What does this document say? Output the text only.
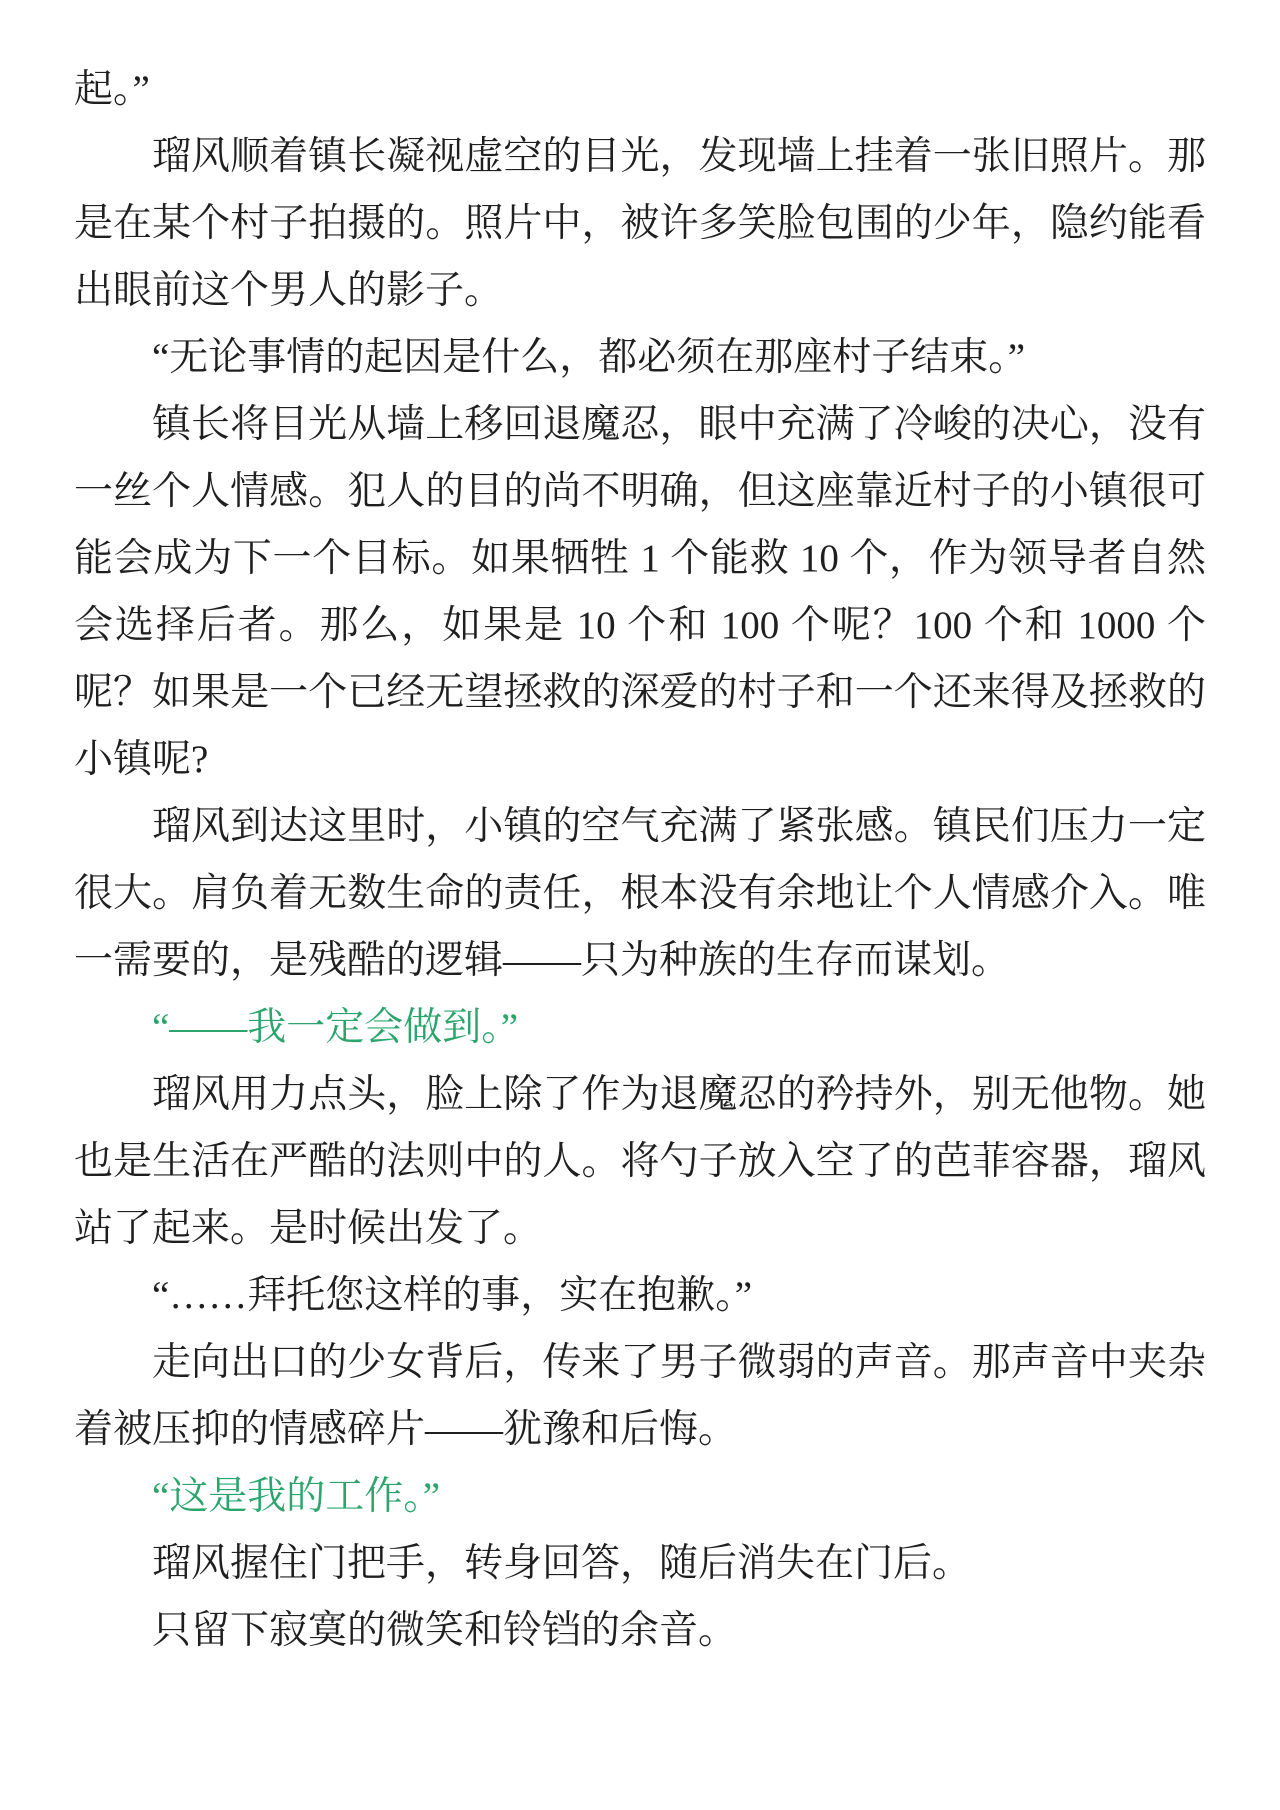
起。”

瑠风顺着镇长凝视虚空的目光，发现墙上挂着一张旧照片。那是在某个村子拍摄的。照片中，被许多笑脸包围的少年，隐约能看出眼前这个男人的影子。

“无论事情的起因是什么，都必须在那座村子结束。”

镇长将目光从墙上移回退魔忍，眼中充满了冷峻的决心，没有一丝个人情感。犯人的目的尚不明确，但这座靠近村子的小镇很可能会成为下一个目标。如果牺牲 1 个能救 10 个，作为领导者自然会选择后者。那么，如果是 10 个和 100 个呢？100 个和 1000 个呢？如果是一个已经无望拯救的深爱的村子和一个还来得及拯救的小镇呢?

瑠风到达这里时，小镇的空气充满了紧张感。镇民们压力一定很大。肩负着无数生命的责任，根本没有余地让个人情感介入。唯一需要的，是残酷的逻辑——只为种族的生存而谋划。

“——我一定会做到。”

瑠风用力点头，脸上除了作为退魔忍的矜持外，别无他物。她也是生活在严酷的法则中的人。将勺子放入空了的芭菲容器，瑠风站了起来。是时候出发了。

“……拜托您这样的事，实在抱歉。”

走向出口的少女背后，传来了男子微弱的声音。那声音中夹杂着被压抑的情感碎片——犹豫和后悔。

“这是我的工作。”

瑠风握住门把手，转身回答，随后消失在门后。

只留下寂寞的微笑和铃铛的余音。
